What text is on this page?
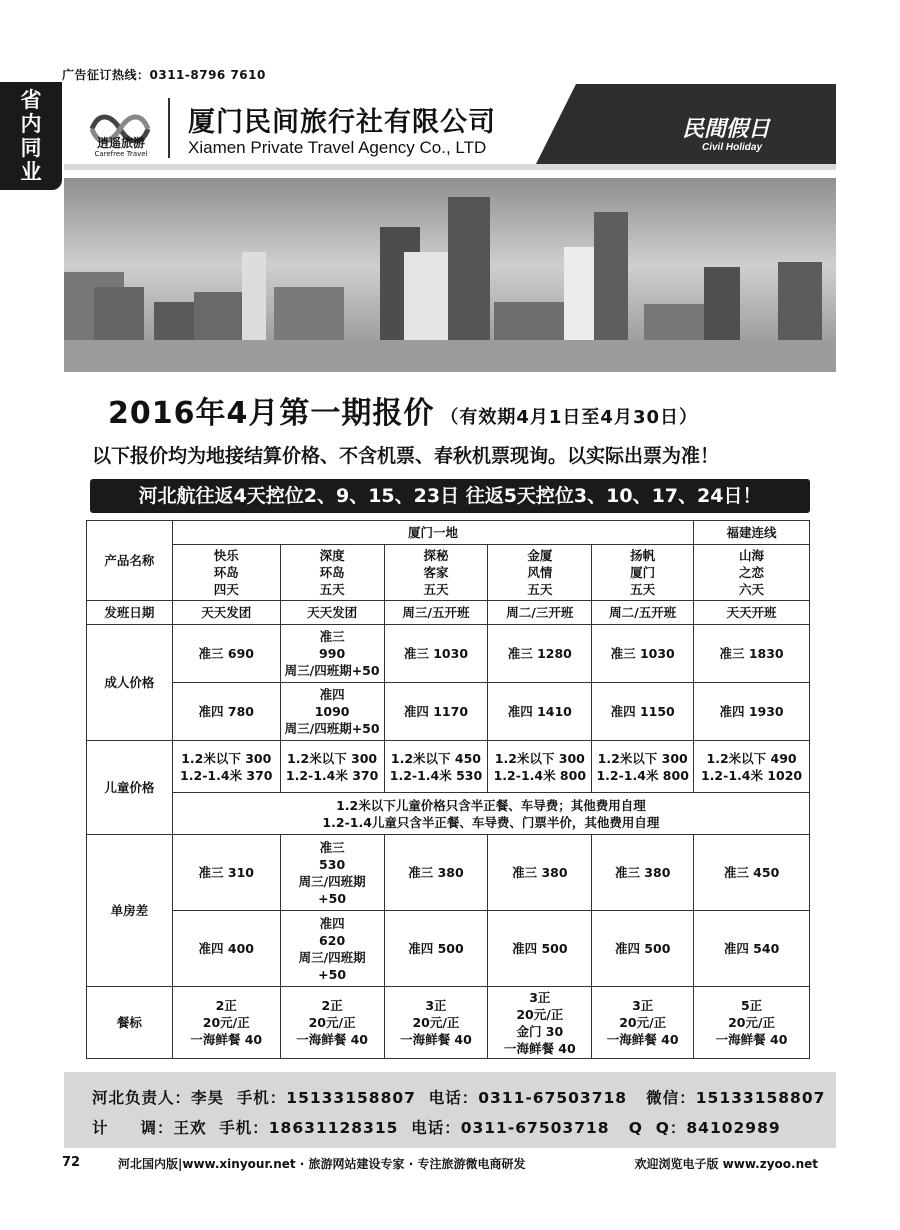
广告征订热线：0311-8796 7610
省内同业
逍遥旅游
Carefree Travel
厦门民间旅行社有限公司
Xiamen Private Travel Agency Co., LTD
民間假日
Civil Holiday
2016年4月第一期报价 （有效期4月1日至4月30日）
以下报价均为地接结算价格、不含机票、春秋机票现询。以实际出票为准！
河北航往返4天控位2、9、15、23日 往返5天控位3、10、17、24日！
产品名称	厦门一地					福建连线
	快乐
环岛
四天	深度
环岛
五天	探秘
客家
五天	金厦
风情
五天	扬帆
厦门
五天	山海
之恋
六天
发班日期	天天发团	天天发团	周三/五开班	周二/三开班	周二/五开班	天天开班
成人价格	准三 690	准三
990
周三/四班期+50	准三 1030	准三 1280	准三 1030	准三 1830
	准四 780	准四
1090
周三/四班期+50	准四 1170	准四 1410	准四 1150	准四 1930
儿童价格	1.2米以下 300
1.2-1.4米 370	1.2米以下 300
1.2-1.4米 370	1.2米以下 450
1.2-1.4米 530	1.2米以下 300
1.2-1.4米 800	1.2米以下 300
1.2-1.4米 800	1.2米以下 490
1.2-1.4米 1020
	1.2米以下儿童价格只含半正餐、车导费；其他费用自理
1.2-1.4儿童只含半正餐、车导费、门票半价，其他费用自理					
单房差	准三 310	准三
530
周三/四班期
+50	准三 380	准三 380	准三 380	准三 450
	准四 400	准四
620
周三/四班期
+50	准四 500	准四 500	准四 500	准四 540
餐标	2正
20元/正
一海鲜餐 40	2正
20元/正
一海鲜餐 40	3正
20元/正
一海鲜餐 40	3正
20元/正
金门 30
一海鲜餐 40	3正
20元/正
一海鲜餐 40	5正
20元/正
一海鲜餐 40
河北负责人：李昊  手机：15133158807  电话：0311-67503718   微信：15133158807
计     调：王欢  手机：18631128315  电话：0311-67503718   Q  Q：84102989
72	河北国内版|www.xinyour.net · 旅游网站建设专家 · 专注旅游微电商研发	欢迎浏览电子版 www.zyoo.net
